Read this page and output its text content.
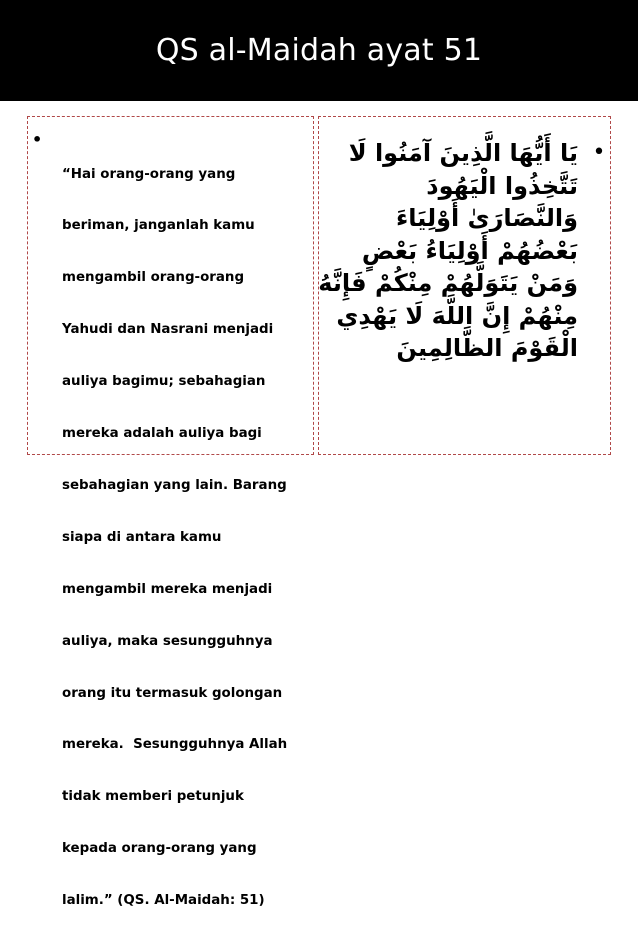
QS al-Maidah ayat 51
•

“Hai orang-orang yang

beriman, janganlah kamu

mengambil orang-orang

Yahudi dan Nasrani menjadi

auliya bagimu; sebahagian

mereka adalah auliya bagi

sebahagian yang lain. Barang

siapa di antara kamu

mengambil mereka menjadi

auliya, maka sesungguhnya

orang itu termasuk golongan

mereka.  Sesungguhnya Allah

tidak memberi petunjuk

kepada orang-orang yang

lalim.” (QS. Al-Maidah: 51)

يَا أَيُّهَا الَّذِينَ آمَنُوا لَا
تَتَّخِذُوا الْيَهُودَ
وَالنَّصَارَىٰ أَوْلِيَاءَ
بَعْضُهُمْ أَوْلِيَاءُ بَعْضٍ
وَمَنْ يَتَوَلَّهُمْ مِنْكُمْ فَإِنَّهُ
مِنْهُمْ إِنَّ اللَّهَ لَا يَهْدِي
الْقَوْمَ الظَّالِمِينَ
•
